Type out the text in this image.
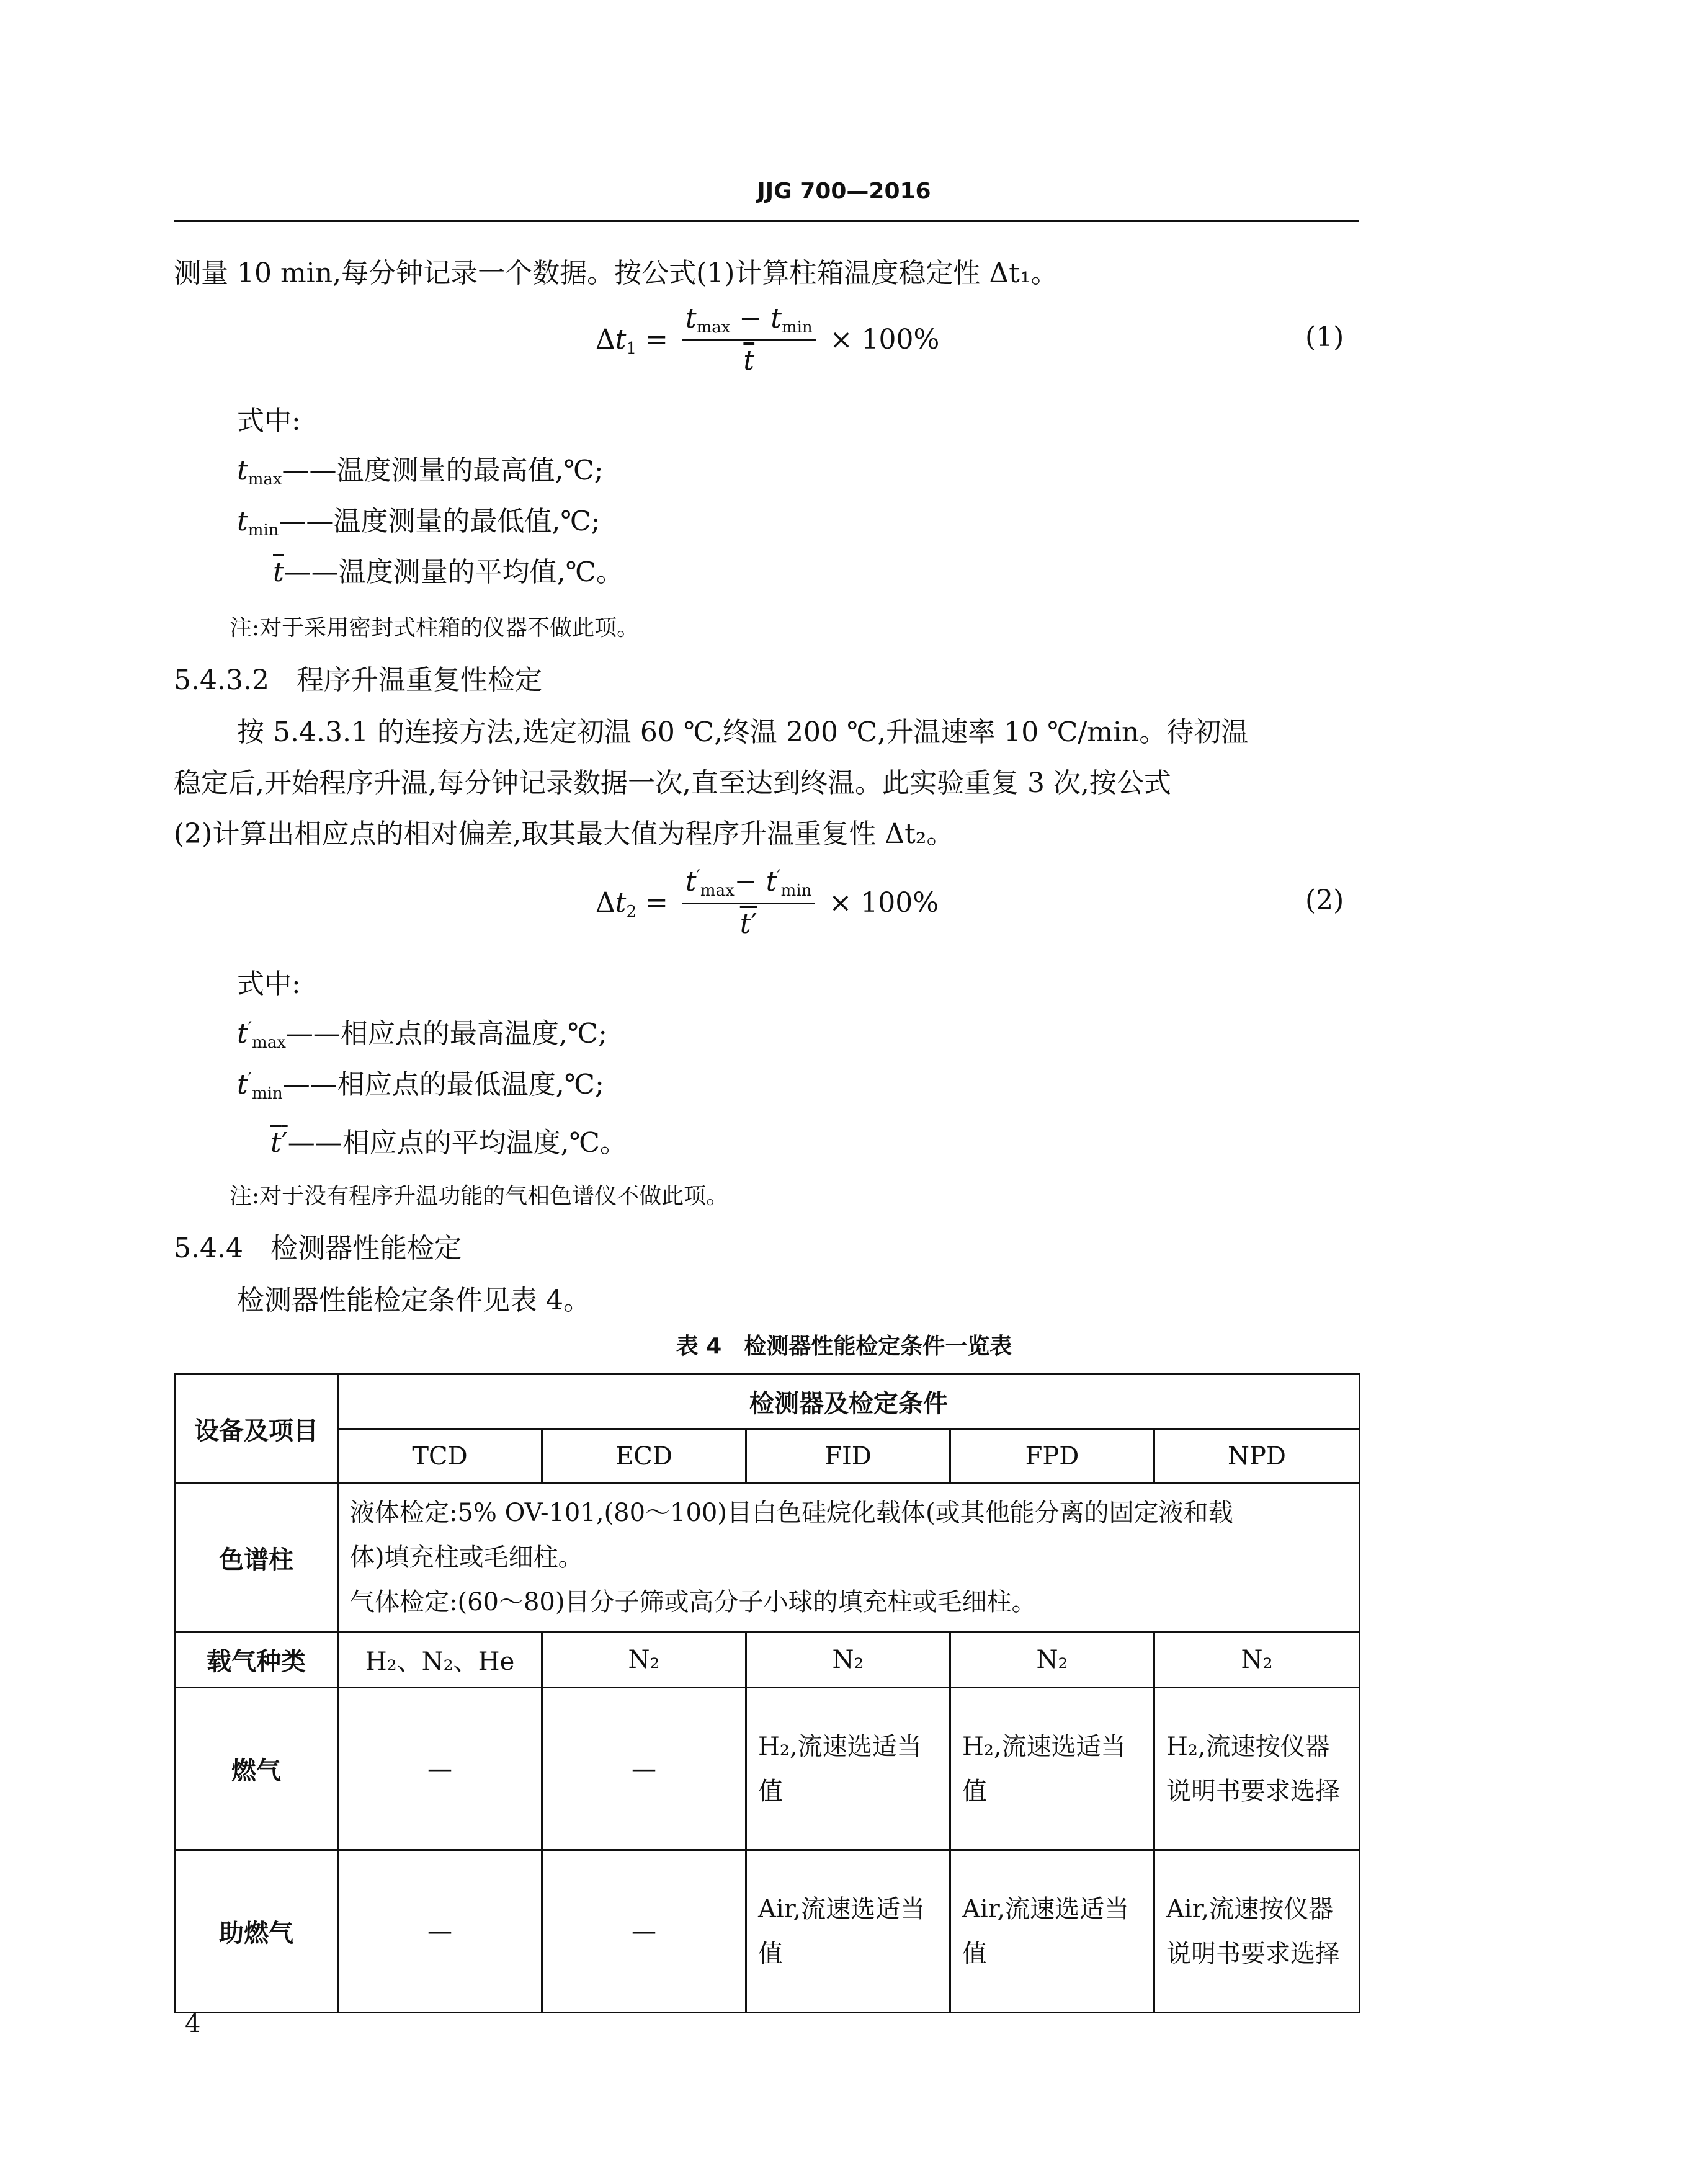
JJG 700—2016
测量 10 min,每分钟记录一个数据。按公式(1)计算柱箱温度稳定性 Δt₁。
$\Delta t1 = \frac{tmax - tmin}{t} \times 100\%$	(1)
式中:
tmax——温度测量的最高值,℃;
tmin——温度测量的最低值,℃;
$\overline{t}——$温度测量的平均值,℃。
注:对于采用密封式柱箱的仪器不做此项。
5.4.3.2　 程序升温重复性检定
按 5.4.3.1 的连接方法,选定初温 60 ℃,终温 200 ℃,升温速率 10 ℃/min。待初温
稳定后,开始程序升温,每分钟记录数据一次,直至达到终温。此实验重复 3 次,按公式
(2)计算出相应点的相对偏差,取其最大值为程序升温重复性 Δt₂。
$\Delta t2 = \frac{t'\max- t'\min}{t'} \times 100\%$	(2)
式中:
t′max——相应点的最高温度,℃;
t′min——相应点的最低温度,℃;
t′——相应点的平均温度,℃。
注:对于没有程序升温功能的气相色谱仪不做此项。
5.4.4　 检测器性能检定
检测器性能检定条件见表 4。
表 4　检测器性能检定条件一览表
设备及项目	检测器及检定条件				
	TCD	ECD	FID	FPD	NPD
色谱柱	液体检定:5% OV-101,(80～100)目白色硅烷化载体(或其他能分离的固定液和载
体)填充柱或毛细柱。
气体检定:(60～80)目分子筛或高分子小球的填充柱或毛细柱。				

载气种类	H₂、N₂、He	N₂	N₂	N₂	N₂
燃气	—	—	H₂,流速选适当值	H₂,流速选适当值	H₂,流速按仪器说明书要求选择
助燃气	—	—	Air,流速选适当值	Air,流速选适当值	Air,流速按仪器说明书要求选择
4
